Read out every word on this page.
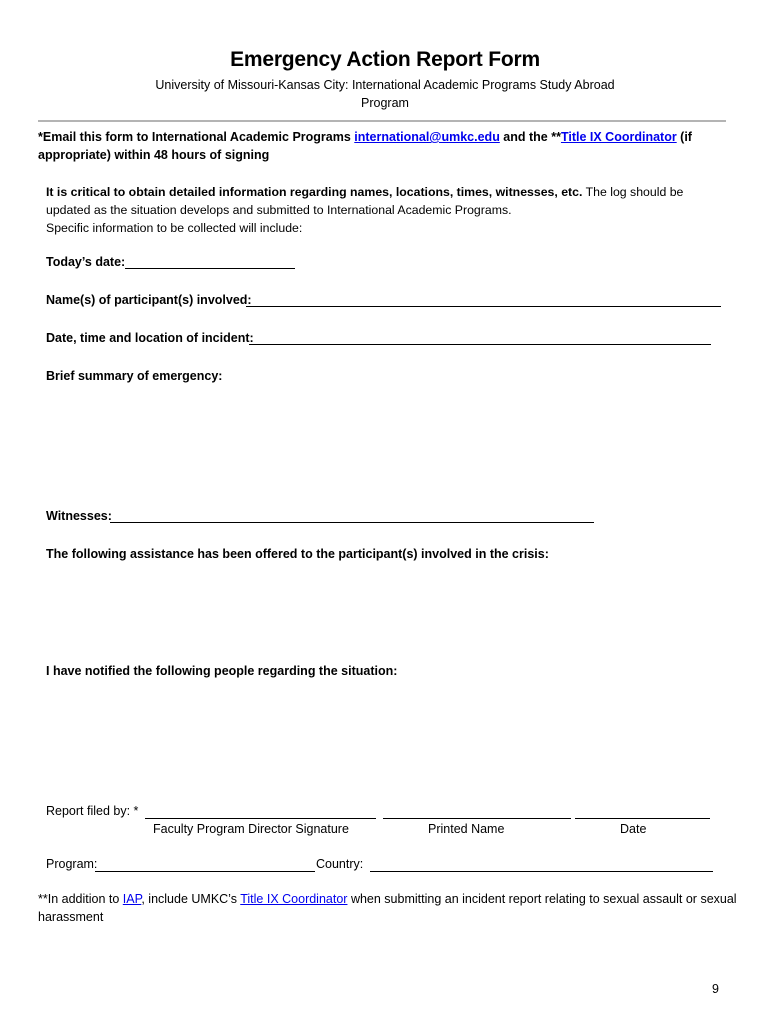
Emergency Action Report Form
University of Missouri-Kansas City: International Academic Programs Study Abroad Program
*Email this form to International Academic Programs international@umkc.edu and the **Title IX Coordinator (if appropriate) within 48 hours of signing
It is critical to obtain detailed information regarding names, locations, times, witnesses, etc. The log should be updated as the situation develops and submitted to International Academic Programs.
Specific information to be collected will include:
Today’s date:
Name(s) of participant(s) involved:
Date, time and location of incident:
Brief summary of emergency:
Witnesses:
The following assistance has been offered to the participant(s) involved in the crisis:
I have notified the following people regarding the situation:
Report filed by: *
Faculty Program Director Signature	Printed Name	Date
Program:	Country:
**In addition to IAP, include UMKC’s Title IX Coordinator when submitting an incident report relating to sexual assault or sexual harassment
9
